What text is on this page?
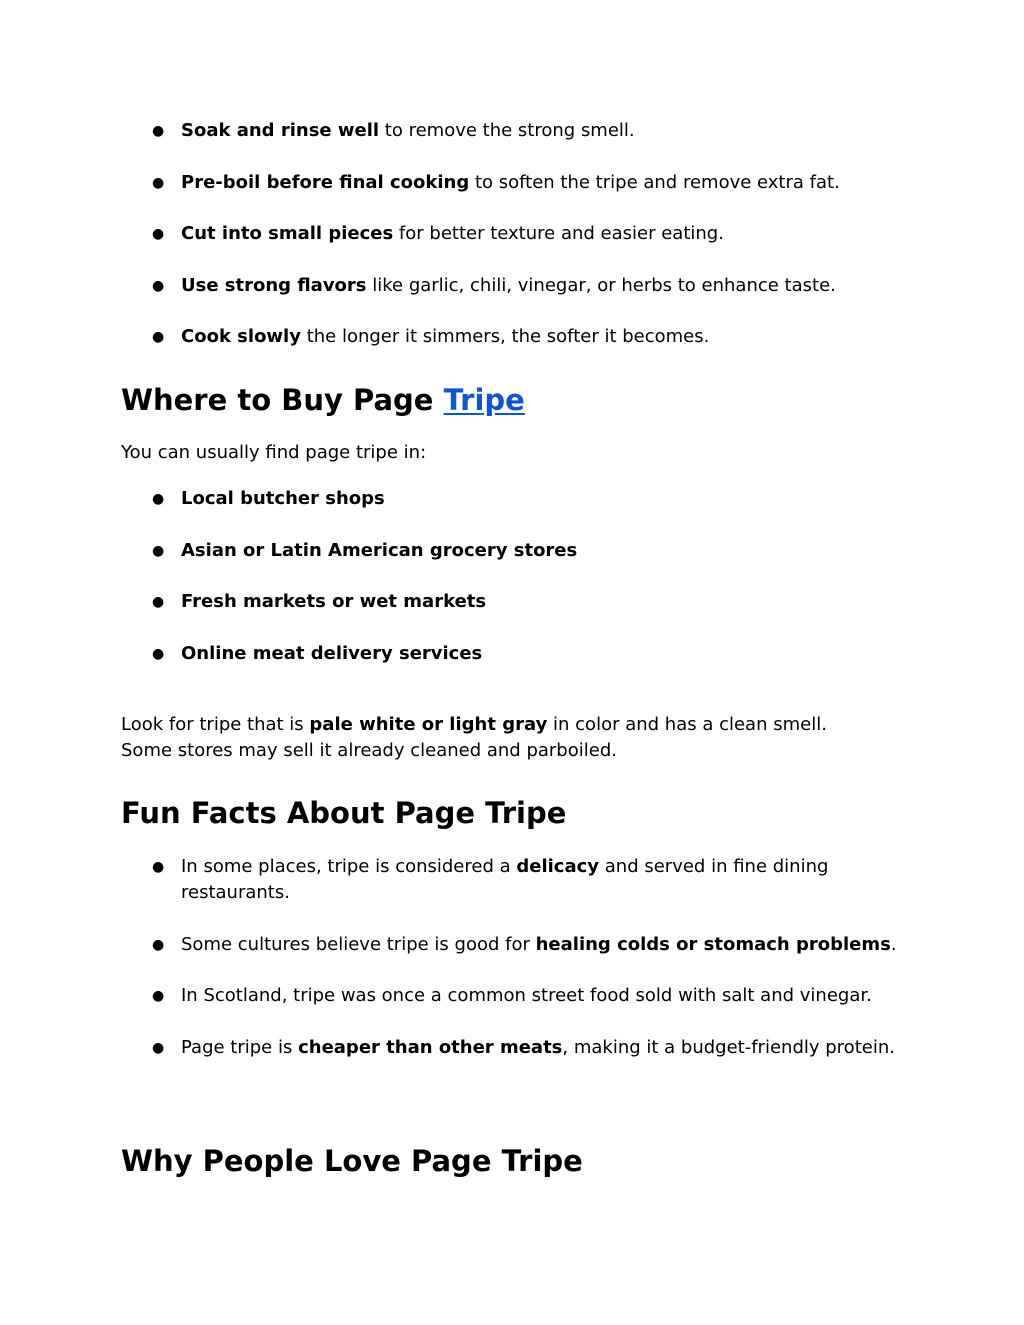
● Soak and rinse well to remove the strong smell.
● Pre-boil before final cooking to soften the tripe and remove extra fat.
● Cut into small pieces for better texture and easier eating.
● Use strong flavors like garlic, chili, vinegar, or herbs to enhance taste.
● Cook slowly the longer it simmers, the softer it becomes.
Where to Buy Page Tripe

You can usually find page tripe in:

● Local butcher shops
● Asian or Latin American grocery stores
● Fresh markets or wet markets
● Online meat delivery services

Look for tripe that is pale white or light gray in color and has a clean smell.
Some stores may sell it already cleaned and parboiled.

Fun Facts About Page Tripe
● In some places, tripe is considered a delicacy and served in fine dining restaurants.
● Some cultures believe tripe is good for healing colds or stomach problems.
● In Scotland, tripe was once a common street food sold with salt and vinegar.
● Page tripe is cheaper than other meats, making it a budget-friendly protein.
Why People Love Page Tripe
